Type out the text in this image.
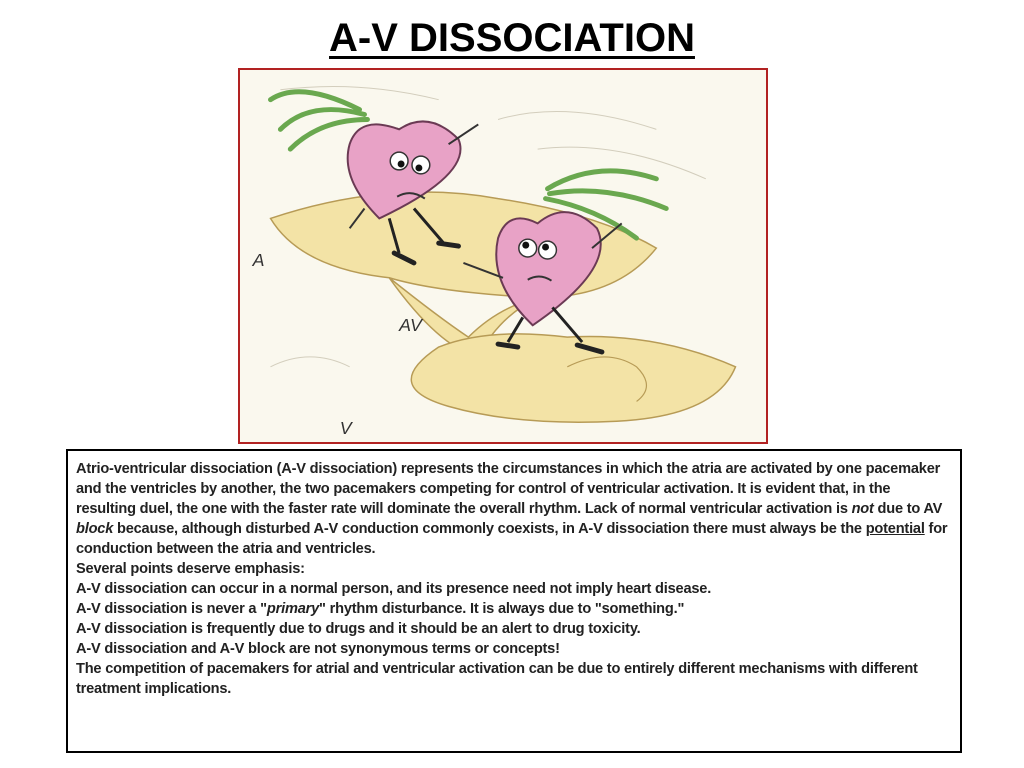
A-V DISSOCIATION
A
AV
V

Atrio-ventricular dissociation (A-V dissociation) represents the circumstances in which the atria are activated by one pacemaker and the ventricles by another, the two pacemakers competing for control of ventricular activation. It is evident that, in the resulting duel, the one with the faster rate will dominate the overall rhythm. Lack of normal ventricular activation is not due to AV block because, although disturbed A-V conduction commonly coexists, in A-V dissociation there must always be the potential for conduction between the atria and ventricles.

Several points deserve emphasis:

A-V dissociation can occur in a normal person, and its presence need not imply heart disease.

A-V dissociation is never a "primary" rhythm disturbance. It is always due to "something."

A-V dissociation is frequently due to drugs and it should be an alert to drug toxicity.

A-V dissociation and A-V block are not synonymous terms or concepts!

The competition of pacemakers for atrial and ventricular activation can be due to entirely different mechanisms with different treatment implications.
